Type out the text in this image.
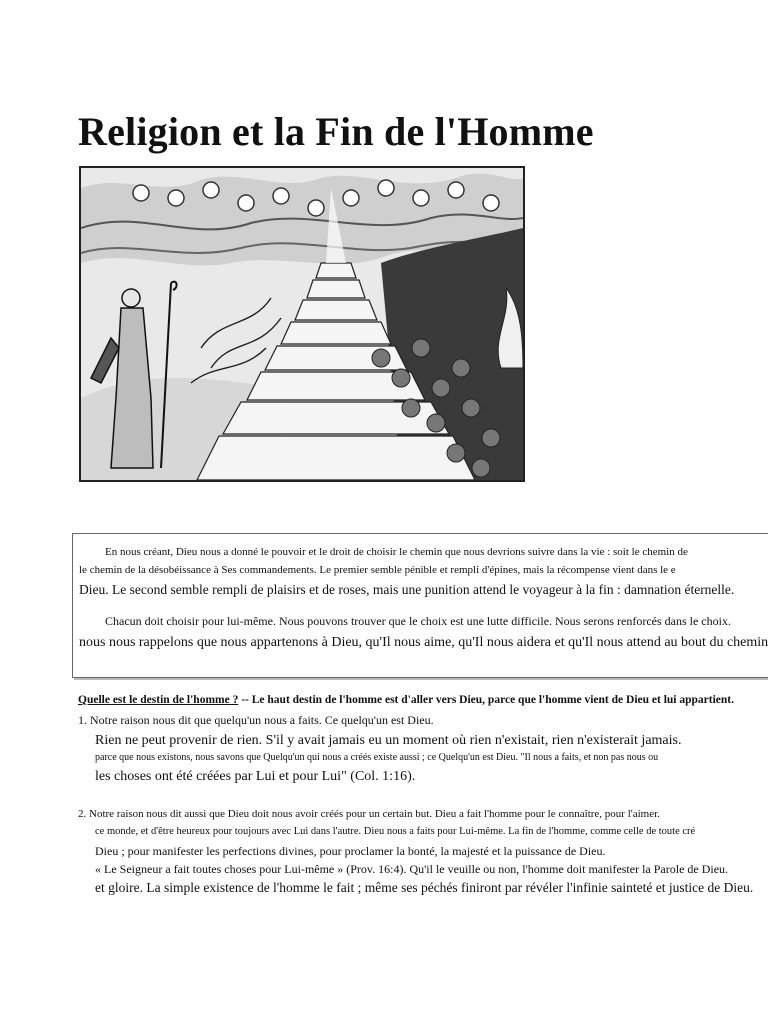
Religion et la Fin de l'Homme
En nous créant, Dieu nous a donné le pouvoir et le droit de choisir le chemin que nous devrions suivre dans la vie : soit le chemin de
le chemin de la désobéissance à Ses commandements. Le premier semble pénible et rempli d'épines, mais la récompense vient dans le e
Dieu. Le second semble rempli de plaisirs et de roses, mais une punition attend le voyageur à la fin : damnation éternelle.
Chacun doit choisir pour lui-même. Nous pouvons trouver que le choix est une lutte difficile. Nous serons renforcés dans le choix.
nous nous rappelons que nous appartenons à Dieu, qu'Il nous aime, qu'Il nous aidera et qu'Il nous attend au bout du chemin
Quelle est le destin de l'homme ? -- Le haut destin de l'homme est d'aller vers Dieu, parce que l'homme vient de Dieu et lui appartient.
1. Notre raison nous dit que quelqu'un nous a faits. Ce quelqu'un est Dieu.
Rien ne peut provenir de rien. S'il y avait jamais eu un moment où rien n'existait, rien n'existerait jamais.
parce que nous existons, nous savons que Quelqu'un qui nous a créés existe aussi ; ce Quelqu'un est Dieu. "Il nous a faits, et non pas nous ou
les choses ont été créées par Lui et pour Lui" (Col. 1:16).
2. Notre raison nous dit aussi que Dieu doit nous avoir créés pour un certain but. Dieu a fait l'homme pour le connaître, pour l'aimer.
ce monde, et d'être heureux pour toujours avec Lui dans l'autre. Dieu nous a faits pour Lui-même. La fin de l'homme, comme celle de toute cré
Dieu ; pour manifester les perfections divines, pour proclamer la bonté, la majesté et la puissance de Dieu.
« Le Seigneur a fait toutes choses pour Lui-même » (Prov. 16:4). Qu'il le veuille ou non, l'homme doit manifester la Parole de Dieu.
et gloire. La simple existence de l'homme le fait ; même ses péchés finiront par révéler l'infinie sainteté et justice de Dieu.
